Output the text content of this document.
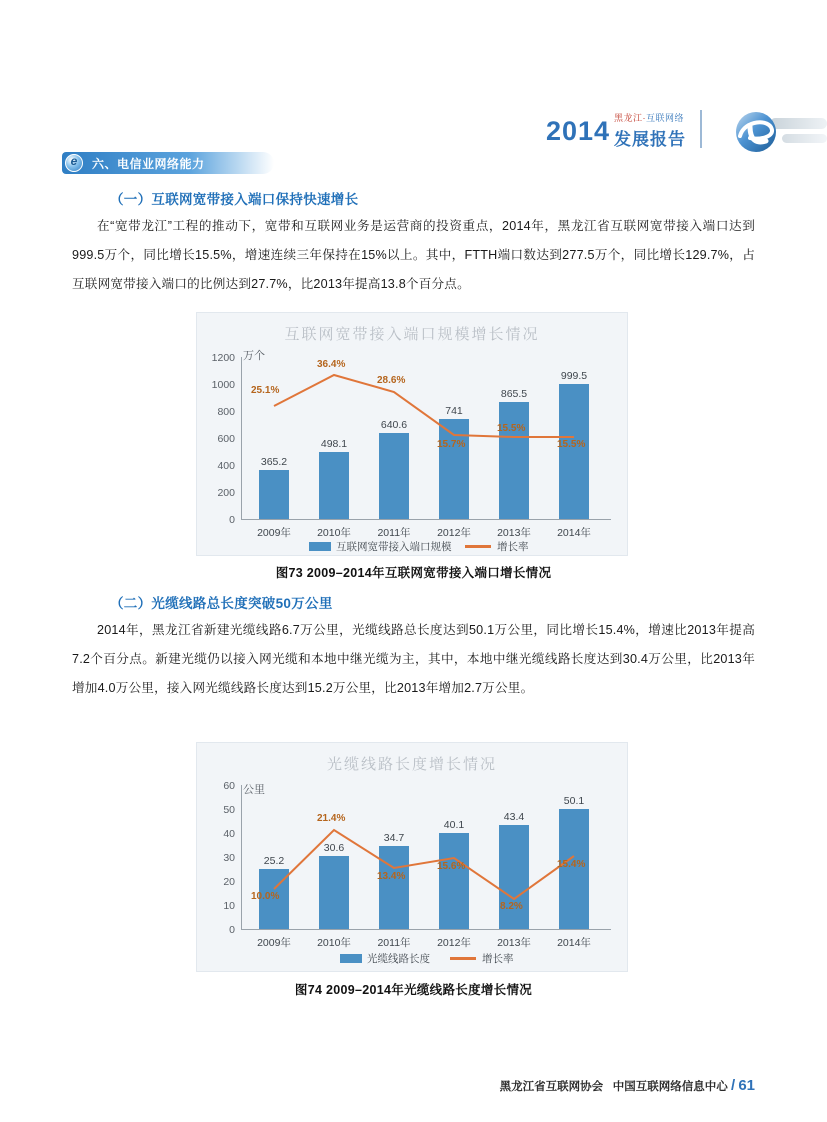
2014 黑龙江·互联网络
发展报告
e	六、电信业网络能力
（一）互联网宽带接入端口保持快速增长
在“宽带龙江”工程的推动下，宽带和互联网业务是运营商的投资重点，2014年，黑龙江省互联网宽带接入端口达到999.5万个，同比增长15.5%，增速连续三年保持在15%以上。其中，FTTH端口数达到277.5万个，同比增长129.7%，占互联网宽带接入端口的比例达到27.7%，比2013年提高13.8个百分点。
互联网宽带接入端口规模增长情况
万个
1200
1000
800
600
400
200
0
365.2
498.1
640.6
741
865.5
999.5
25.1%
36.4%
28.6%
15.7%
15.5%
15.5%
2009年	2010年	2011年	2012年	2013年	2014年
互联网宽带接入端口规模	增长率
图73 2009–2014年互联网宽带接入端口增长情况
（二）光缆线路总长度突破50万公里
2014年，黑龙江省新建光缆线路6.7万公里，光缆线路总长度达到50.1万公里，同比增长15.4%，增速比2013年提高7.2个百分点。新建光缆仍以接入网光缆和本地中继光缆为主，其中，本地中继光缆线路长度达到30.4万公里，比2013年增加4.0万公里，接入网光缆线路长度达到15.2万公里，比2013年增加2.7万公里。
光缆线路长度增长情况
公里
60
50
40
30
20
10
0
25.2
30.6
34.7
40.1
43.4
50.1
10.0%
21.4%
13.4%
15.6%
8.2%
15.4%
2009年	2010年	2011年	2012年	2013年	2014年
光缆线路长度	增长率
图74 2009–2014年光缆线路长度增长情况
黑龙江省互联网协会 中国互联网络信息中心 / 61
